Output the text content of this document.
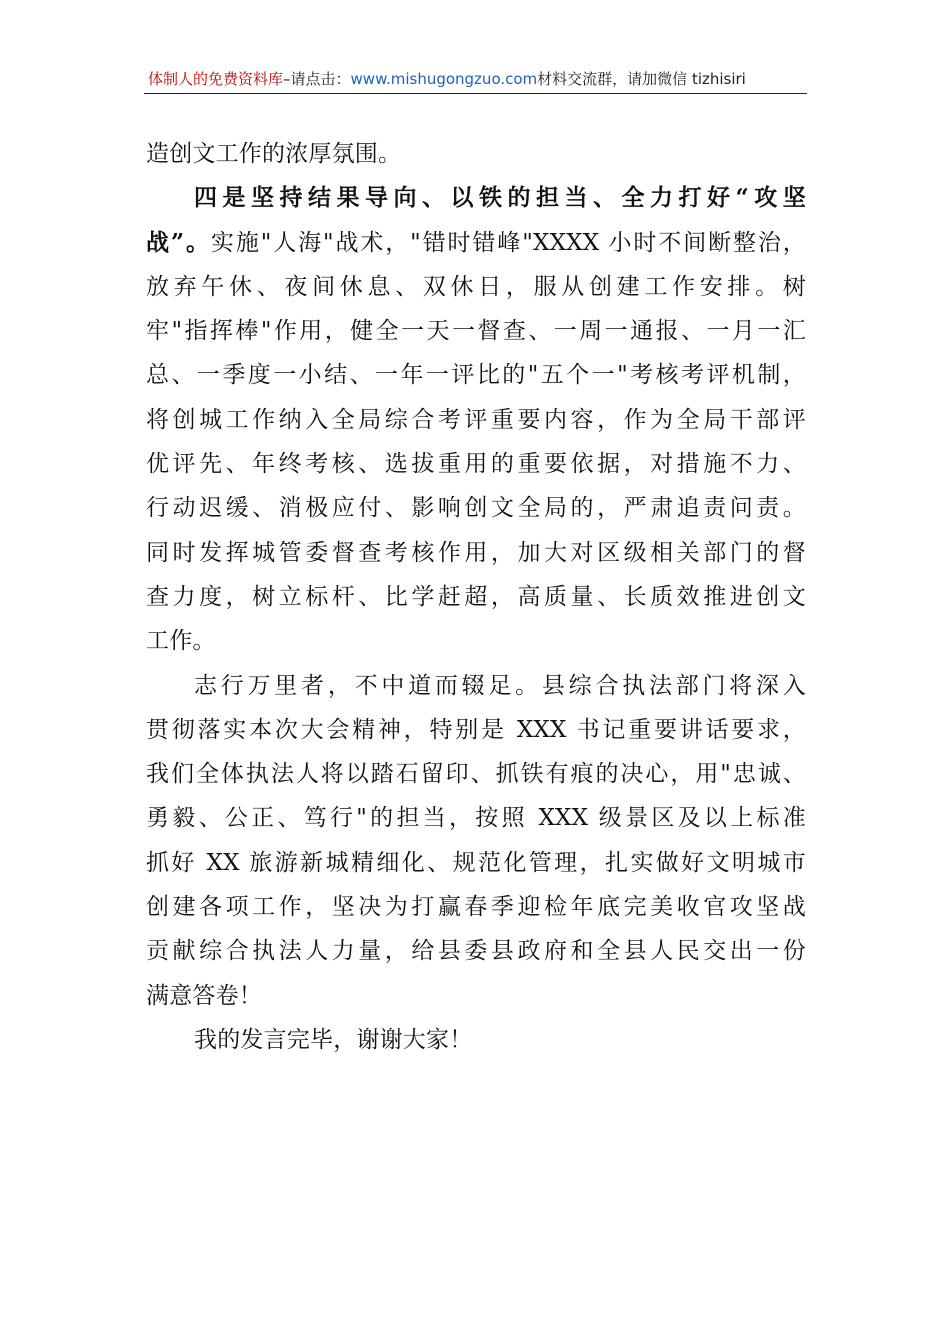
体制人的免费资料库–请点击：www.mishugongzuo.com材料交流群，请加微信 tizhisiri
造创文工作的浓厚氛围。
四是坚持结果导向、以铁的担当、全力打好“攻坚
战”。实施"人海"战术，"错时错峰"XXXX 小时不间断整治，
放弃午休、夜间休息、双休日，服从创建工作安排。树
牢"指挥棒"作用，健全一天一督查、一周一通报、一月一汇
总、一季度一小结、一年一评比的"五个一"考核考评机制，
将创城工作纳入全局综合考评重要内容，作为全局干部评
优评先、年终考核、选拔重用的重要依据，对措施不力、
行动迟缓、消极应付、影响创文全局的，严肃追责问责。
同时发挥城管委督查考核作用，加大对区级相关部门的督
查力度，树立标杆、比学赶超，高质量、长质效推进创文
工作。
志行万里者，不中道而辍足。县综合执法部门将深入
贯彻落实本次大会精神，特别是 XXX 书记重要讲话要求，
我们全体执法人将以踏石留印、抓铁有痕的决心，用"忠诚、
勇毅、公正、笃行"的担当，按照 XXX 级景区及以上标准
抓好 XX 旅游新城精细化、规范化管理，扎实做好文明城市
创建各项工作，坚决为打赢春季迎检年底完美收官攻坚战
贡献综合执法人力量，给县委县政府和全县人民交出一份
满意答卷！
我的发言完毕，谢谢大家！
